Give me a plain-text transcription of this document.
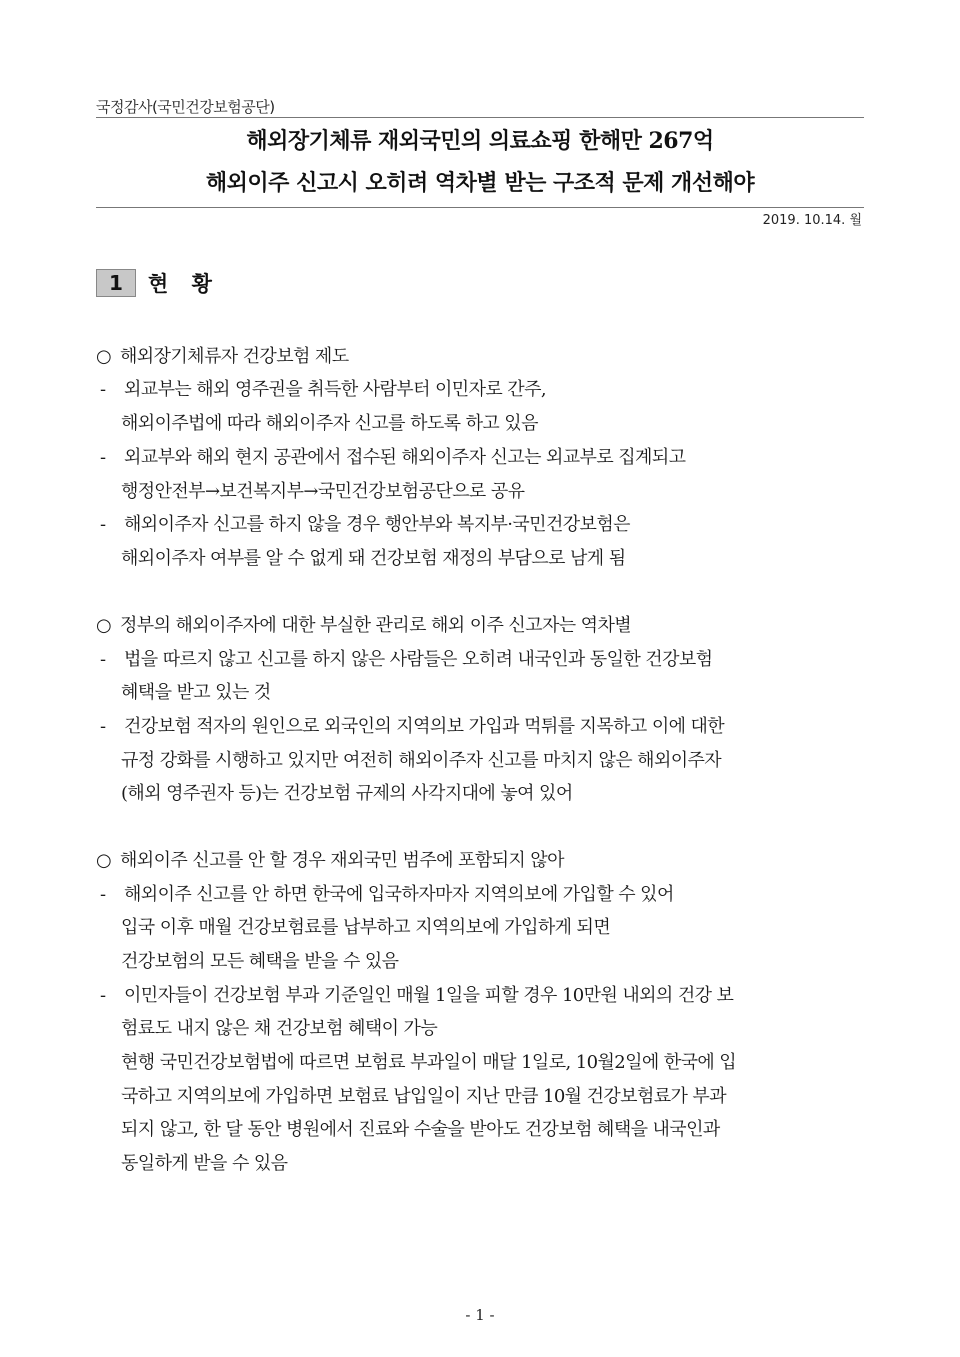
국정감사(국민건강보험공단)
해외장기체류 재외국민의 의료쇼핑 한해만 267억
해외이주 신고시 오히려 역차별 받는 구조적 문제 개선해야
2019. 10.14. 월
1	현 황
○ 해외장기체류자 건강보험 제도
- 외교부는 해외 영주권을 취득한 사람부터 이민자로 간주,
해외이주법에 따라 해외이주자 신고를 하도록 하고 있음
- 외교부와 해외 현지 공관에서 접수된 해외이주자 신고는 외교부로 집계되고
행정안전부→보건복지부→국민건강보험공단으로 공유
- 해외이주자 신고를 하지 않을 경우 행안부와 복지부·국민건강보험은
해외이주자 여부를 알 수 없게 돼 건강보험 재정의 부담으로 남게 됨
○ 정부의 해외이주자에 대한 부실한 관리로 해외 이주 신고자는 역차별
- 법을 따르지 않고 신고를 하지 않은 사람들은 오히려 내국인과 동일한 건강보험
혜택을 받고 있는 것
- 건강보험 적자의 원인으로 외국인의 지역의보 가입과 먹튀를 지목하고 이에 대한
규정 강화를 시행하고 있지만 여전히 해외이주자 신고를 마치지 않은 해외이주자
(해외 영주권자 등)는 건강보험 규제의 사각지대에 놓여 있어
○ 해외이주 신고를 안 할 경우 재외국민 범주에 포함되지 않아
- 해외이주 신고를 안 하면 한국에 입국하자마자 지역의보에 가입할 수 있어
입국 이후 매월 건강보험료를 납부하고 지역의보에 가입하게 되면
건강보험의 모든 혜택을 받을 수 있음
- 이민자들이 건강보험 부과 기준일인 매월 1일을 피할 경우 10만원 내외의 건강 보
험료도 내지 않은 채 건강보험 혜택이 가능
현행 국민건강보험법에 따르면 보험료 부과일이 매달 1일로, 10월2일에 한국에 입
국하고 지역의보에 가입하면 보험료 납입일이 지난 만큼 10월 건강보험료가 부과
되지 않고, 한 달 동안 병원에서 진료와 수술을 받아도 건강보험 혜택을 내국인과
동일하게 받을 수 있음
- 1 -
